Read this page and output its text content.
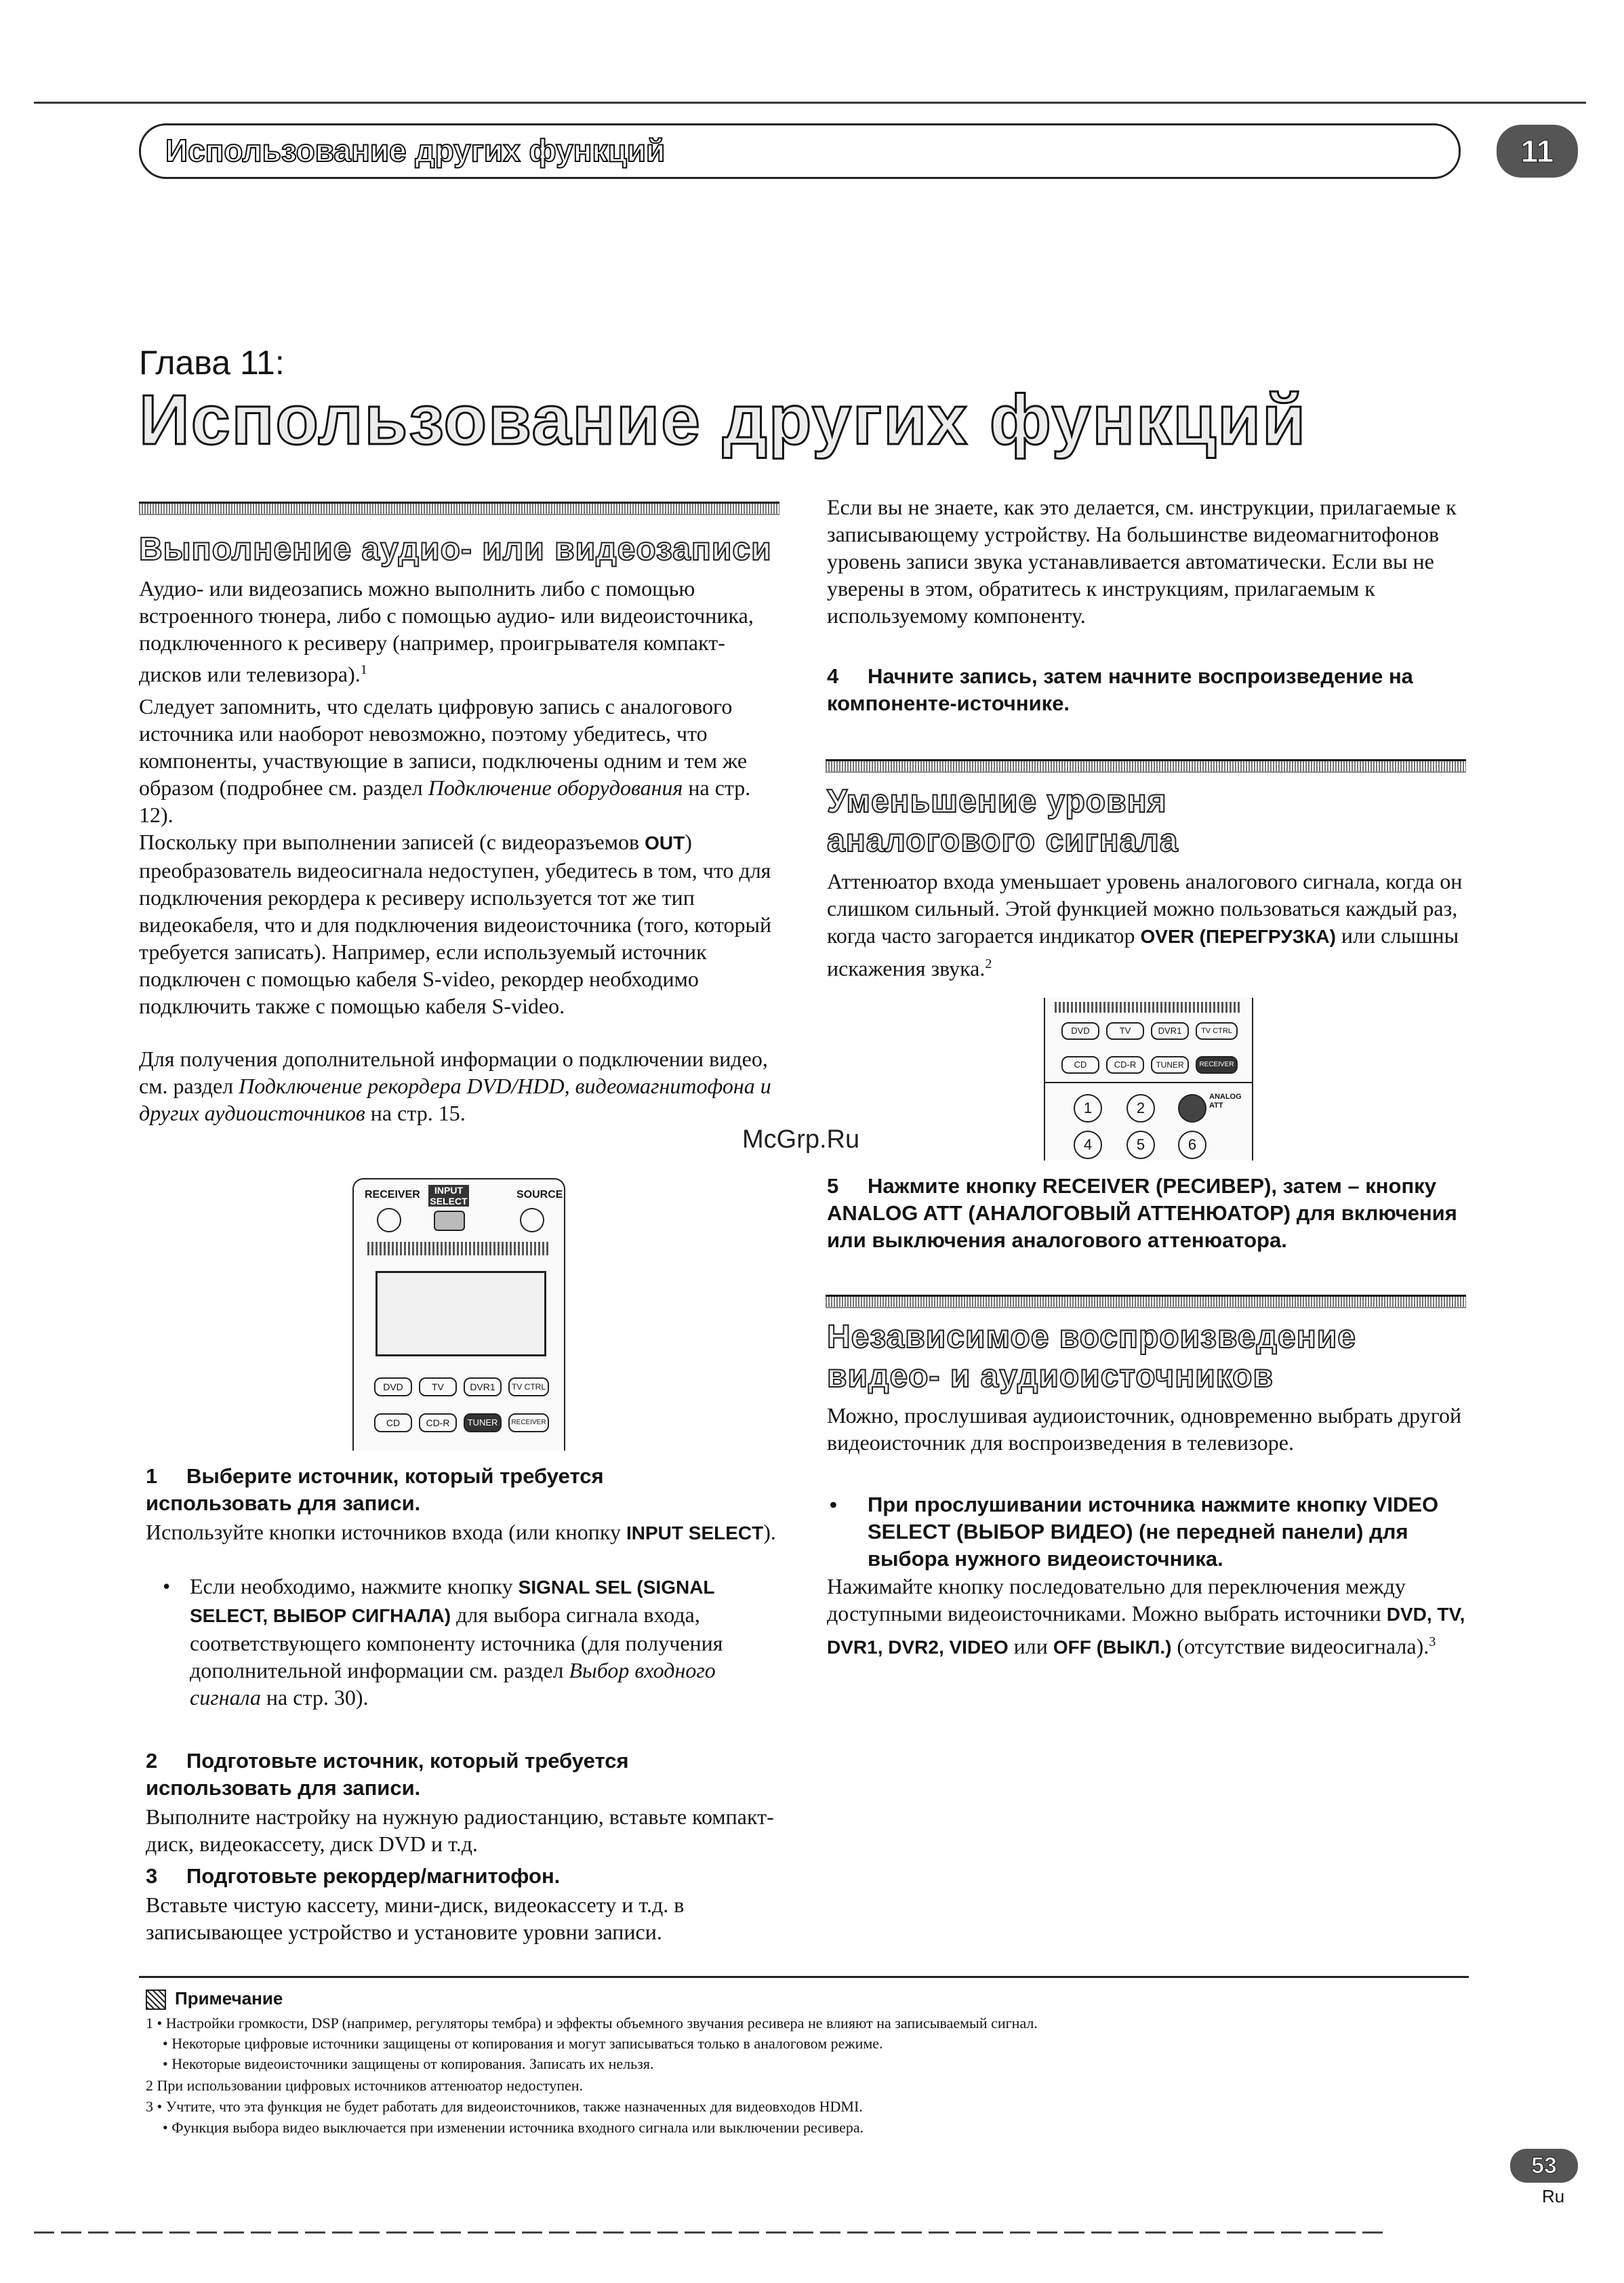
Использование других функций	11
Глава 11:
Использование других функций
Выполнение аудио- или видеозаписи
Аудио- или видеозапись можно выполнить либо с помощью встроенного тюнера, либо с помощью аудио- или видеоисточника, подключенного к ресиверу (например, проигрывателя компакт-дисков или телевизора).$^1$
Следует запомнить, что сделать цифровую запись с аналогового источника или наоборот невозможно, поэтому убедитесь, что компоненты, участвующие в записи, подключены одним и тем же образом (подробнее см. раздел Подключение оборудования на стр. 12).
Поскольку при выполнении записей (с видеоразъемов OUT) преобразователь видеосигнала недоступен, убедитесь в том, что для подключения рекордера к ресиверу используется тот же тип видеокабеля, что и для подключения видеоисточника (того, который требуется записать). Например, если используемый источник подключен с помощью кабеля S-video, рекордер необходимо подключить также с помощью кабеля S-video.
Для получения дополнительной информации о подключении видео, см. раздел Подключение рекордера DVD/HDD, видеомагнитофона и других аудиоисточников на стр. 15.
RECEIVER	INPUT SELECT
SOURCE
DVD	TV	DVR1	TV CTRL
CD	CD-R	TUNER	RECEIVER
1 Выберите источник, который требуется использовать для записи.
Используйте кнопки источников входа (или кнопку INPUT SELECT).
• Если необходимо, нажмите кнопку SIGNAL SEL (SIGNAL SELECT, ВЫБОР СИГНАЛА) для выбора сигнала входа, соответствующего компоненту источника (для получения дополнительной информации см. раздел Выбор входного сигнала на стр. 30).
2 Подготовьте источник, который требуется использовать для записи.
Выполните настройку на нужную радиостанцию, вставьте компакт-диск, видеокассету, диск DVD и т.д.
3 Подготовьте рекордер/магнитофон.
Вставьте чистую кассету, мини-диск, видеокассету и т.д. в записывающее устройство и установите уровни записи.
Если вы не знаете, как это делается, см. инструкции, прилагаемые к записывающему устройству. На большинстве видеомагнитофонов уровень записи звука устанавливается автоматически. Если вы не уверены в этом, обратитесь к инструкциям, прилагаемым к используемому компоненту.
4 Начните запись, затем начните воспроизведение на компоненте-источнике.
Уменьшение уровня аналогового сигнала
Аттенюатор входа уменьшает уровень аналогового сигнала, когда он слишком сильный. Этой функцией можно пользоваться каждый раз, когда часто загорается индикатор OVER (ПЕРЕГРУЗКА) или слышны искажения звука.$^2$
DVD	TV	DVR1	TV CTRL
CD	CD-R	TUNER	RECEIVER
1	2
ANALOG ATT
4	5	6
McGrp.Ru
5 Нажмите кнопку RECEIVER (РЕСИВЕР), затем – кнопку ANALOG ATT (АНАЛОГОВЫЙ АТТЕНЮАТОР) для включения или выключения аналогового аттенюатора.
Независимое воспроизведение видео- и аудиоисточников
Можно, прослушивая аудиоисточник, одновременно выбрать другой видеоисточник для воспроизведения в телевизоре.
• При прослушивании источника нажмите кнопку VIDEO SELECT (ВЫБОР ВИДЕО) (не передней панели) для выбора нужного видеоисточника.
Нажимайте кнопку последовательно для переключения между доступными видеоисточниками. Можно выбрать источники DVD, TV, DVR1, DVR2, VIDEO или OFF (ВЫКЛ.) (отсутствие видеосигнала).$^3$
Примечание
1 • Настройки громкости, DSP (например, регуляторы тембра) и эффекты объемного звучания ресивера не влияют на записываемый сигнал.
• Некоторые цифровые источники защищены от копирования и могут записываться только в аналоговом режиме.
• Некоторые видеоисточники защищены от копирования. Записать их нельзя.
2 При использовании цифровых источников аттенюатор недоступен.
3 • Учтите, что эта функция не будет работать для видеоисточников, также назначенных для видеовходов HDMI.
• Функция выбора видео выключается при изменении источника входного сигнала или выключении ресивера.
53
Ru
